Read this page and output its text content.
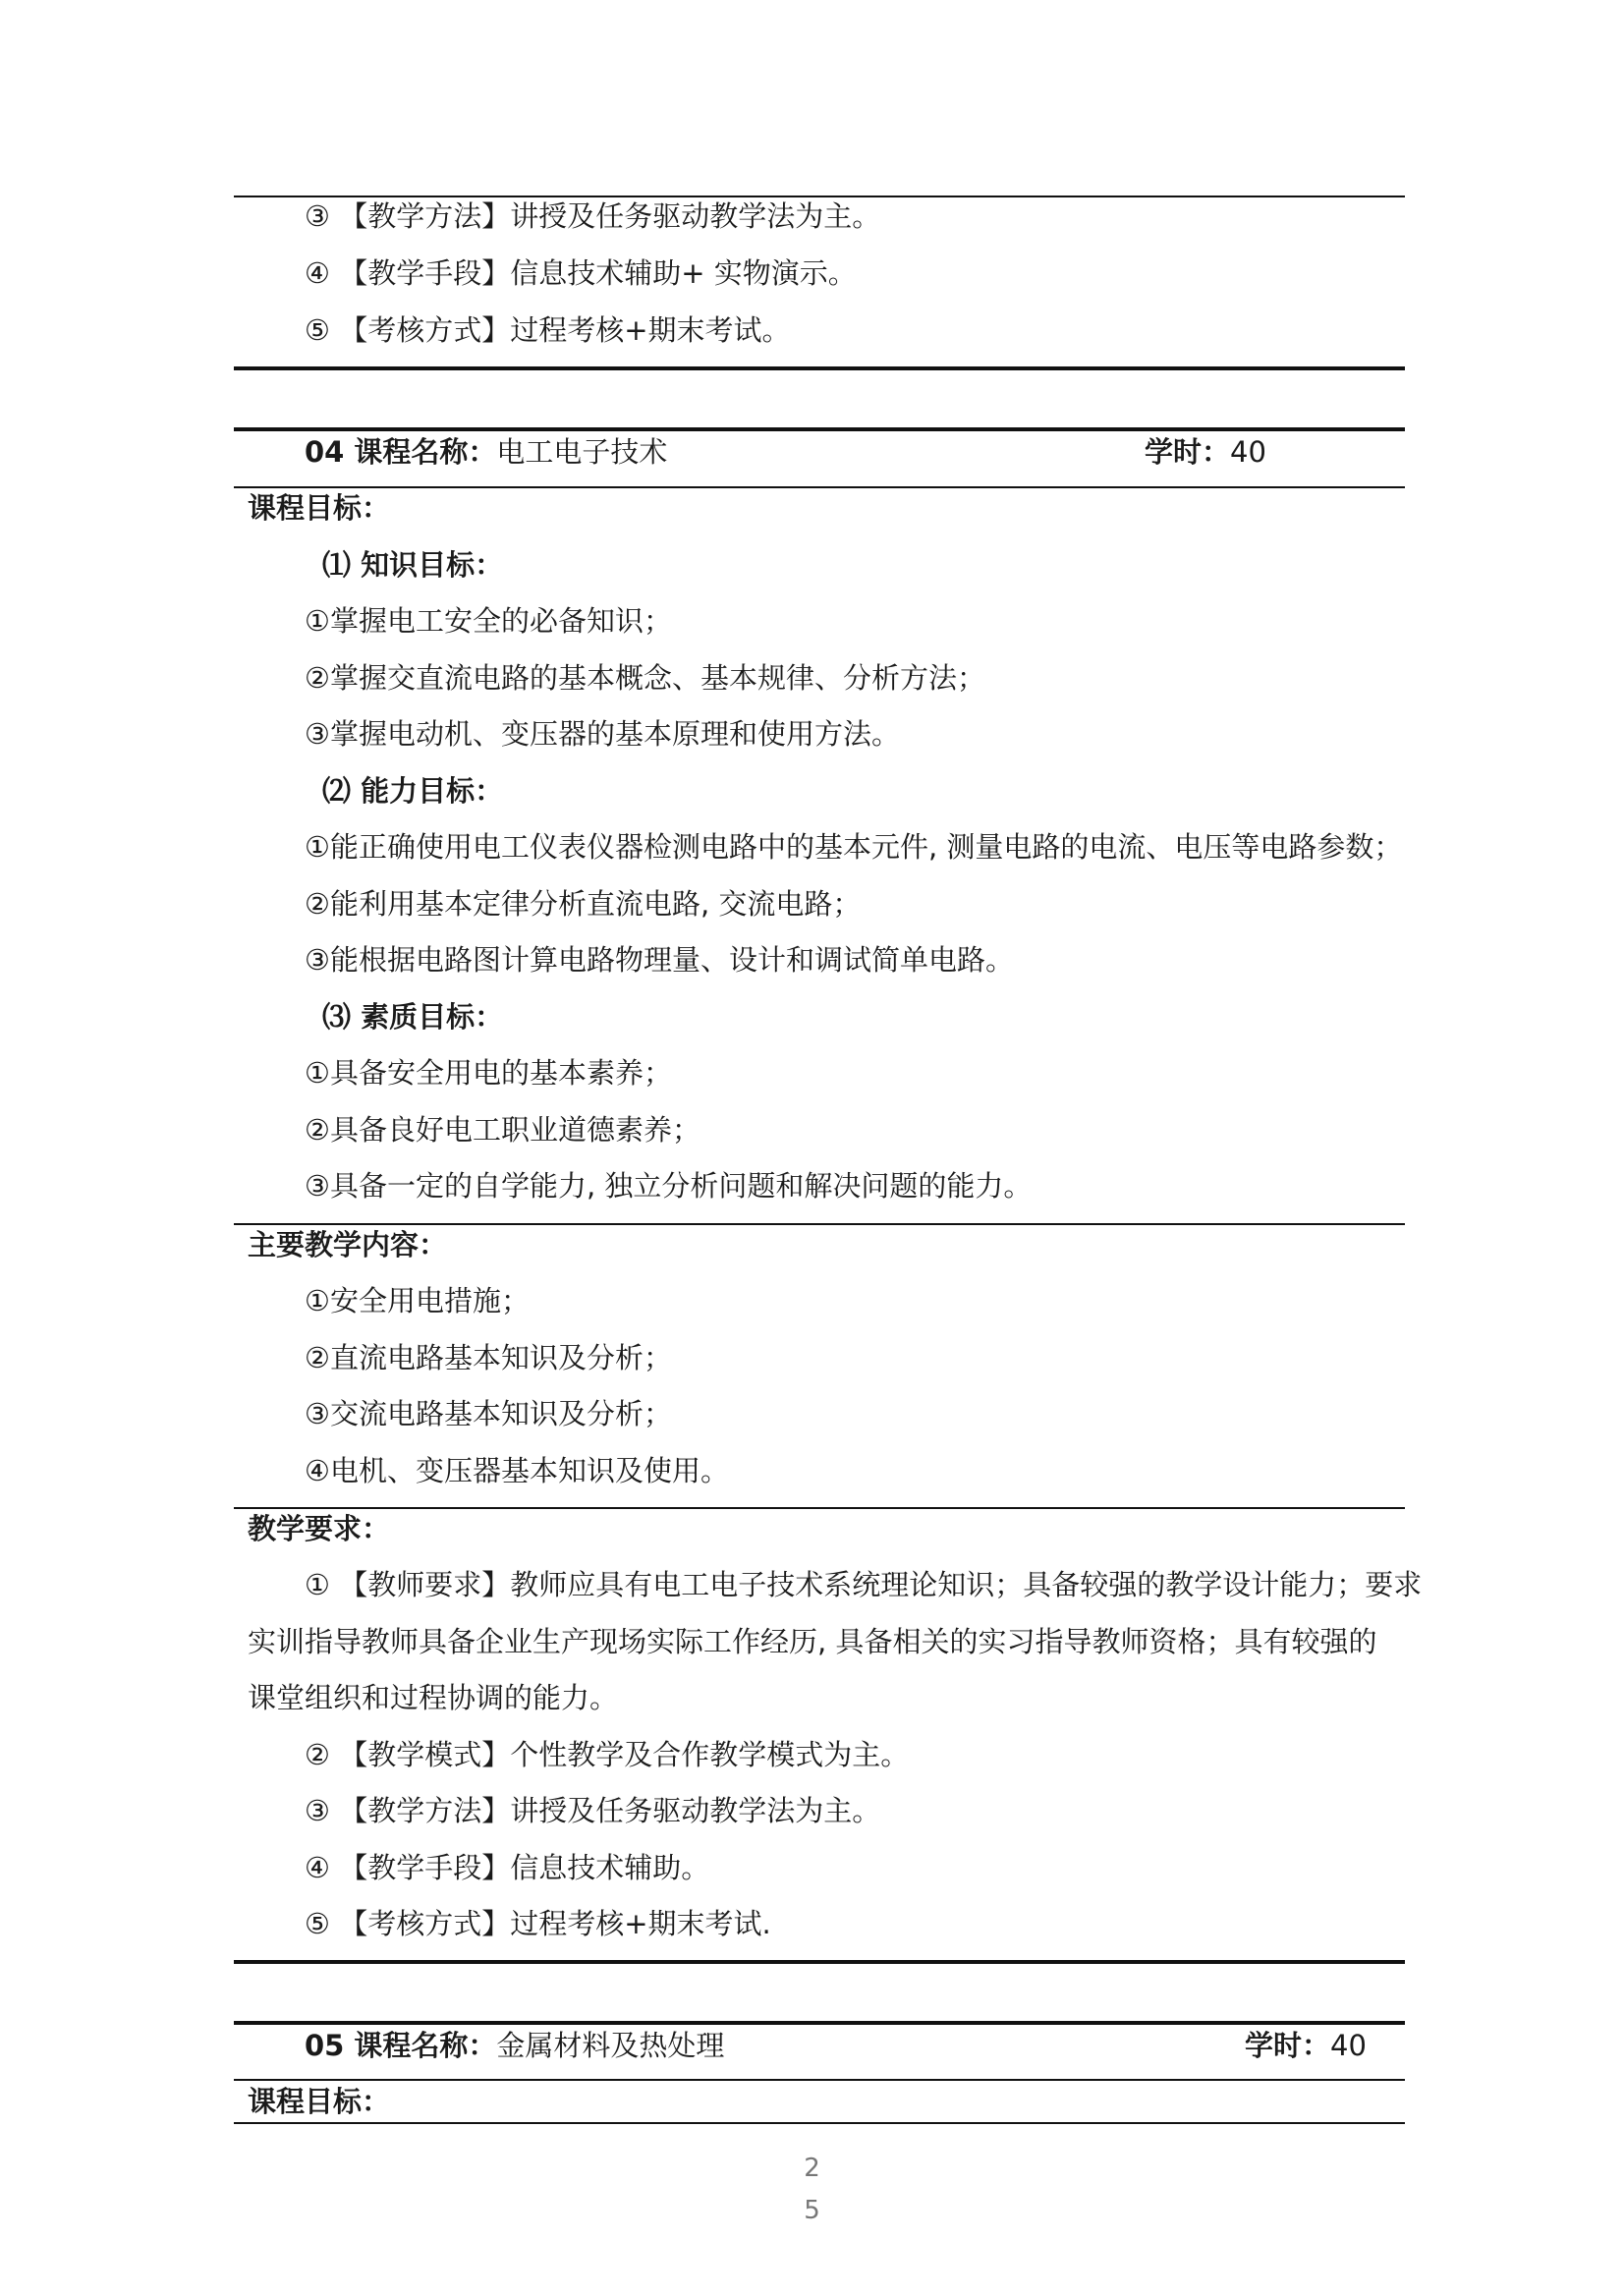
③ 【教学方法】讲授及任务驱动教学法为主。
④ 【教学手段】信息技术辅助+ 实物演示。
⑤ 【考核方式】过程考核+期末考试。
04 课程名称：电工电子技术	学时：40
课程目标：
⑴ 知识目标：
①掌握电工安全的必备知识；
②掌握交直流电路的基本概念、基本规律、分析方法；
③掌握电动机、变压器的基本原理和使用方法。
⑵ 能力目标：
①能正确使用电工仪表仪器检测电路中的基本元件, 测量电路的电流、电压等电路参数；
②能利用基本定律分析直流电路, 交流电路；
③能根据电路图计算电路物理量、设计和调试简单电路。
⑶ 素质目标：
①具备安全用电的基本素养；
②具备良好电工职业道德素养；
③具备一定的自学能力, 独立分析问题和解决问题的能力。
主要教学内容：
①安全用电措施；
②直流电路基本知识及分析；
③交流电路基本知识及分析；
④电机、变压器基本知识及使用。
教学要求：
① 【教师要求】教师应具有电工电子技术系统理论知识；具备较强的教学设计能力；要求
实训指导教师具备企业生产现场实际工作经历, 具备相关的实习指导教师资格；具有较强的
课堂组织和过程协调的能力。
② 【教学模式】个性教学及合作教学模式为主。
③ 【教学方法】讲授及任务驱动教学法为主。
④ 【教学手段】信息技术辅助。
⑤ 【考核方式】过程考核+期末考试.
05 课程名称：金属材料及热处理	学时：40
课程目标：
2
5
